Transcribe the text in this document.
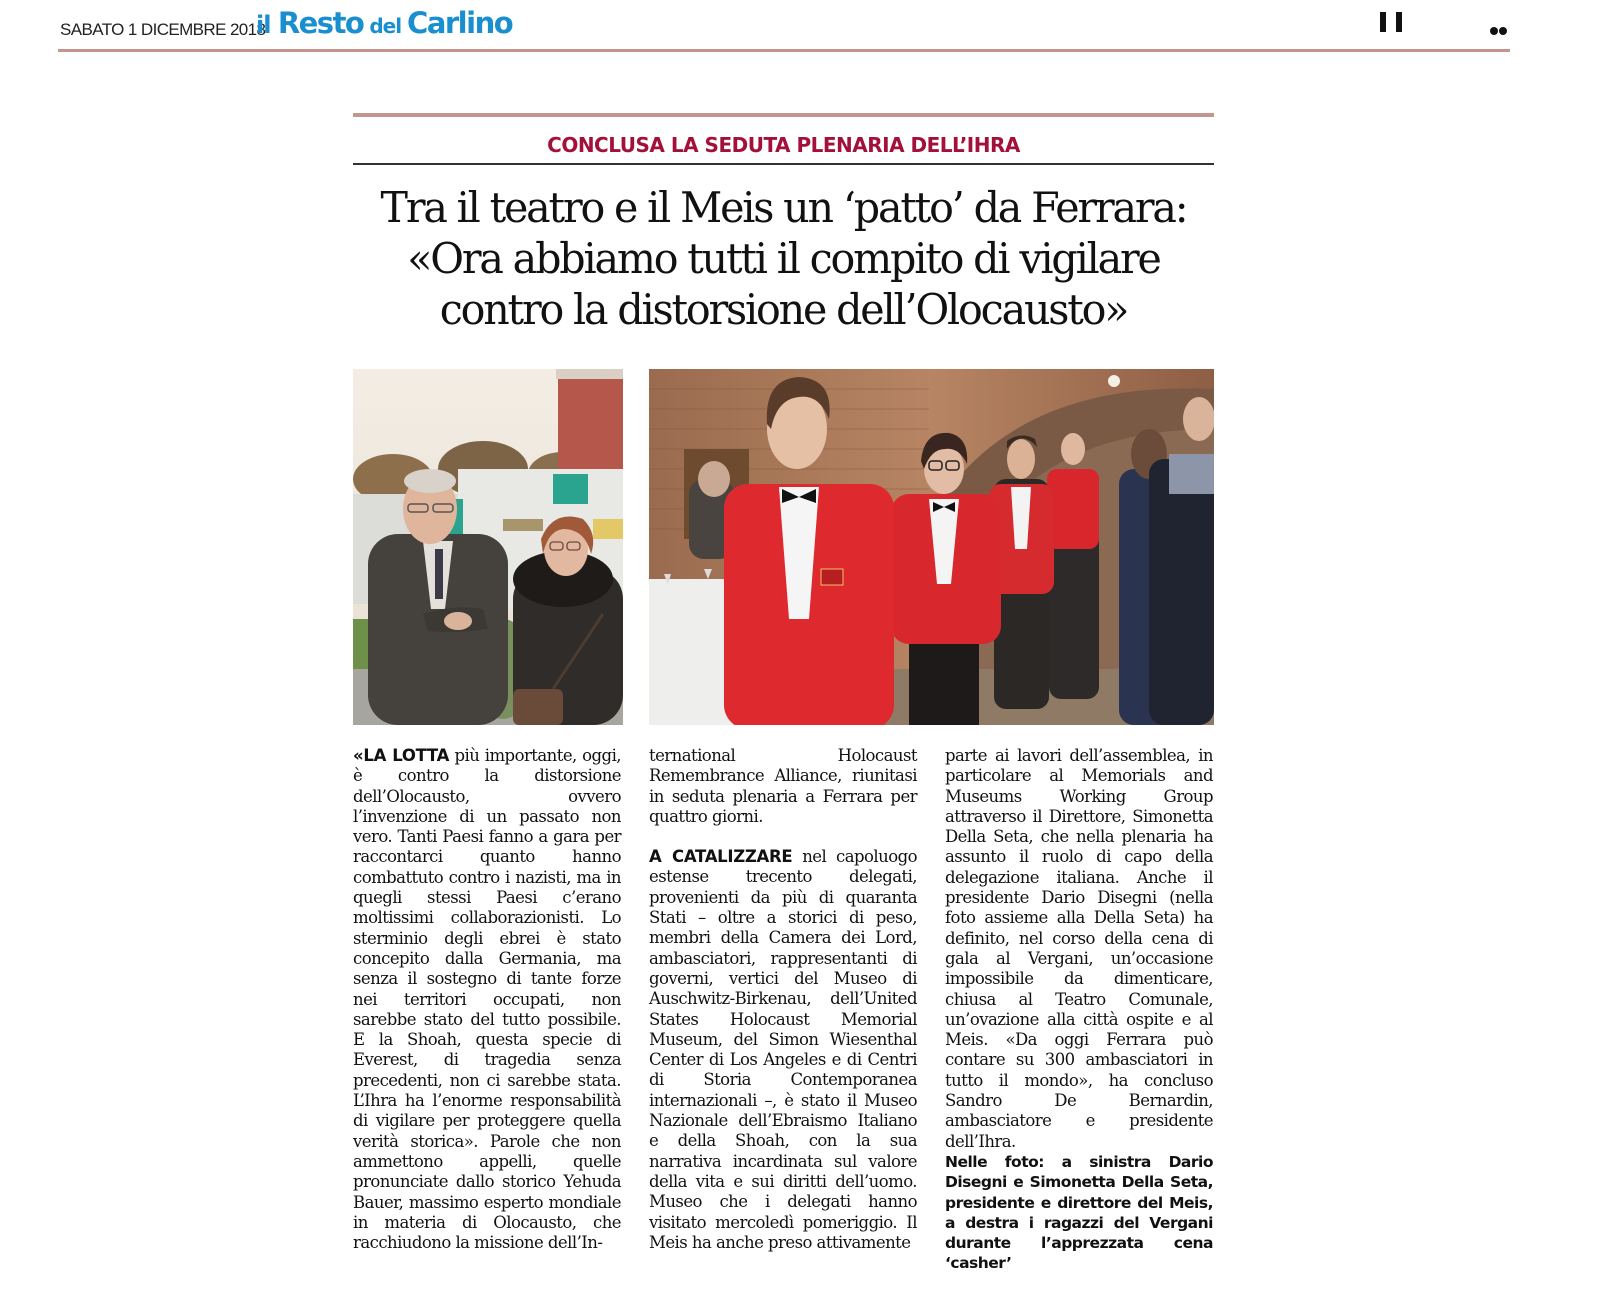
SABATO 1 DICEMBRE 2018
il Resto del Carlino
CONCLUSA LA SEDUTA PLENARIA DELL’IHRA
Tra il teatro e il Meis un ‘patto’ da Ferrara:
«Ora abbiamo tutti il compito di vigilare
contro la distorsione dell’Olocausto»
«LA LOTTA più importante, oggi, è contro la distorsione dell’Olocausto, ovvero l’invenzione di un passato non vero. Tanti Paesi fanno a gara per raccontarci quanto hanno combattuto contro i nazisti, ma in quegli stessi Paesi c’erano moltissimi collaborazionisti. Lo sterminio degli ebrei è stato concepito dalla Germania, ma senza il sostegno di tante forze nei territori occupati, non sarebbe stato del tutto possibile. E la Shoah, questa specie di Everest, di tragedia senza precedenti, non ci sarebbe stata. L’Ihra ha l’enorme responsabilità di vigilare per proteggere quella verità storica». Parole che non ammettono appelli, quelle pronunciate dallo storico Yehuda Bauer, massimo esperto mondiale in materia di Olocausto, che racchiudono la missione dell’In-
ternational Holocaust Remembrance Alliance, riunitasi in seduta plenaria a Ferrara per quattro giorni.
A CATALIZZARE nel capoluogo estense trecento delegati, provenienti da più di quaranta Stati – oltre a storici di peso, membri della Camera dei Lord, ambasciatori, rappresentanti di governi, vertici del Museo di Auschwitz-Birkenau, dell’United States Holocaust Memorial Museum, del Simon Wiesenthal Center di Los Angeles e di Centri di Storia Contemporanea internazionali –, è stato il Museo Nazionale dell’Ebraismo Italiano e della Shoah, con la sua narrativa incardinata sul valore della vita e sui diritti dell’uomo. Museo che i delegati hanno visitato mercoledì pomeriggio. Il Meis ha anche preso attivamente
parte ai lavori dell’assemblea, in particolare al Memorials and Museums Working Group attraverso il Direttore, Simonetta Della Seta, che nella plenaria ha assunto il ruolo di capo della delegazione italiana. Anche il presidente Dario Disegni (nella foto assieme alla Della Seta) ha definito, nel corso della cena di gala al Vergani, un’occasione impossibile da dimenticare, chiusa al Teatro Comunale, un’ovazione alla città ospite e al Meis. «Da oggi Ferrara può contare su 300 ambasciatori in tutto il mondo», ha concluso Sandro De Bernardin, ambasciatore e presidente dell’Ihra.
Nelle foto: a sinistra Dario Disegni e Simonetta Della Seta, presidente e direttore del Meis, a destra i ragazzi del Vergani durante l’apprezzata cena ‘casher’
